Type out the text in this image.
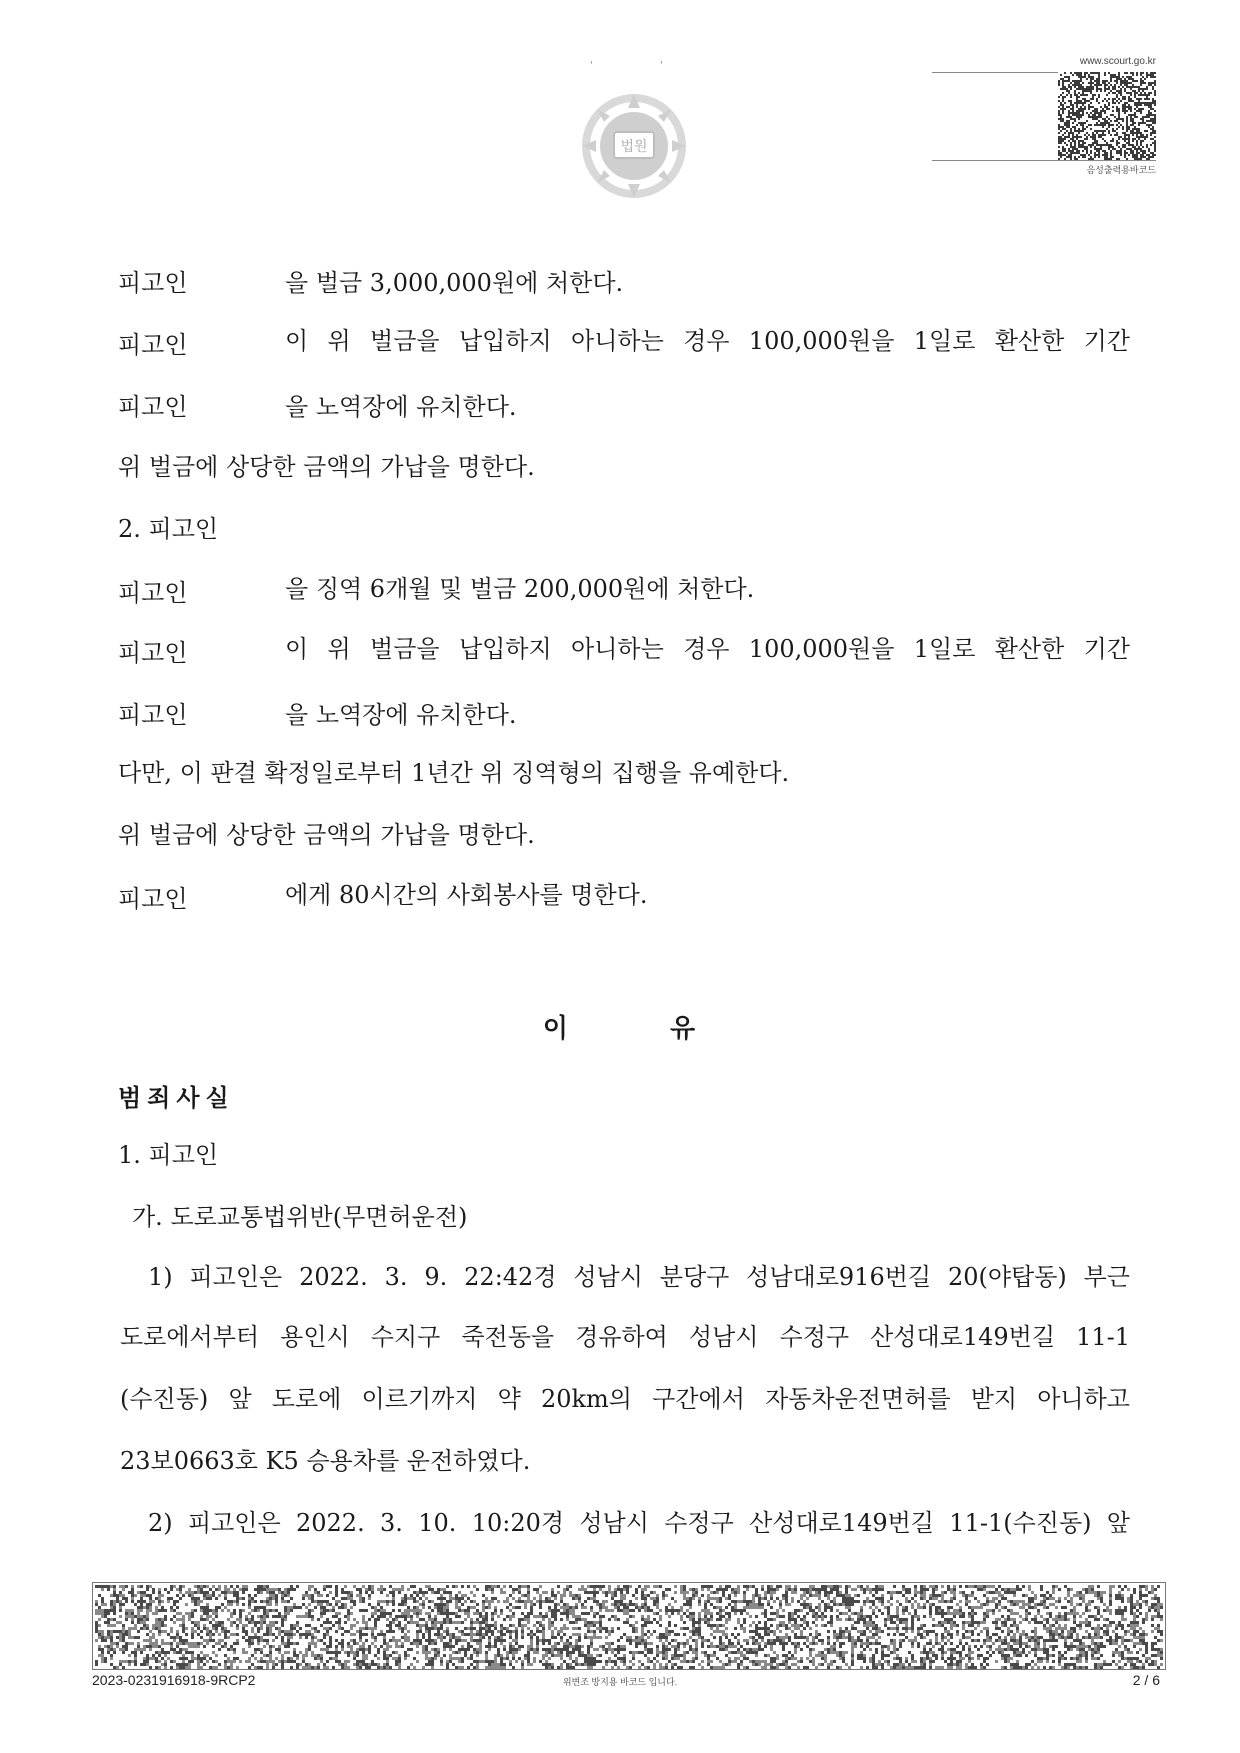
'	'
법원
www.scourt.go.kr
음성출력용바코드
피고인	을 벌금 3,000,000원에 처한다.
피고인	이 위 벌금을 납입하지 아니하는 경우 100,000원을 1일로 환산한 기간
피고인	을 노역장에 유치한다.
위 벌금에 상당한 금액의 가납을 명한다.
2. 피고인
피고인	을 징역 6개월 및 벌금 200,000원에 처한다.
피고인	이 위 벌금을 납입하지 아니하는 경우 100,000원을 1일로 환산한 기간
피고인	을 노역장에 유치한다.
다만, 이 판결 확정일로부터 1년간 위 징역형의 집행을 유예한다.
위 벌금에 상당한 금액의 가납을 명한다.
피고인	에게 80시간의 사회봉사를 명한다.
이	유
범죄사실
1. 피고인
가. 도로교통법위반(무면허운전)
1) 피고인은 2022. 3. 9. 22:42경 성남시 분당구 성남대로916번길 20(야탑동) 부근
도로에서부터 용인시 수지구 죽전동을 경유하여 성남시 수정구 산성대로149번길 11-1
(수진동) 앞 도로에 이르기까지 약 20km의 구간에서 자동차운전면허를 받지 아니하고
23보0663호 K5 승용차를 운전하였다.
2) 피고인은 2022. 3. 10. 10:20경 성남시 수정구 산성대로149번길 11-1(수진동) 앞
2023-0231916918-9RCP2	위변조 방지용 바코드 입니다.	2 / 6
